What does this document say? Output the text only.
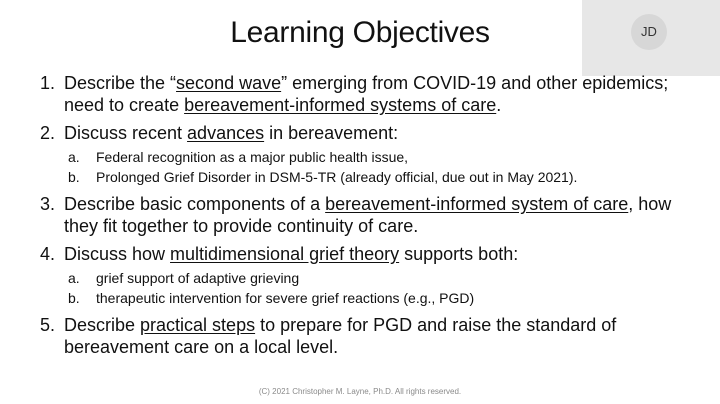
Learning Objectives	JD
1. Describe the “second wave” emerging from COVID-19 and other epidemics; need to create bereavement-informed systems of care.
2. Discuss recent advances in bereavement:
a. Federal recognition as a major public health issue,
b. Prolonged Grief Disorder in DSM-5-TR (already official, due out in May 2021).
3. Describe basic components of a bereavement-informed system of care, how they fit together to provide continuity of care.
4. Discuss how multidimensional grief theory supports both:
a. grief support of adaptive grieving
b. therapeutic intervention for severe grief reactions (e.g., PGD)
5. Describe practical steps to prepare for PGD and raise the standard of bereavement care on a local level.
(C) 2021 Christopher M. Layne, Ph.D. All rights reserved.
